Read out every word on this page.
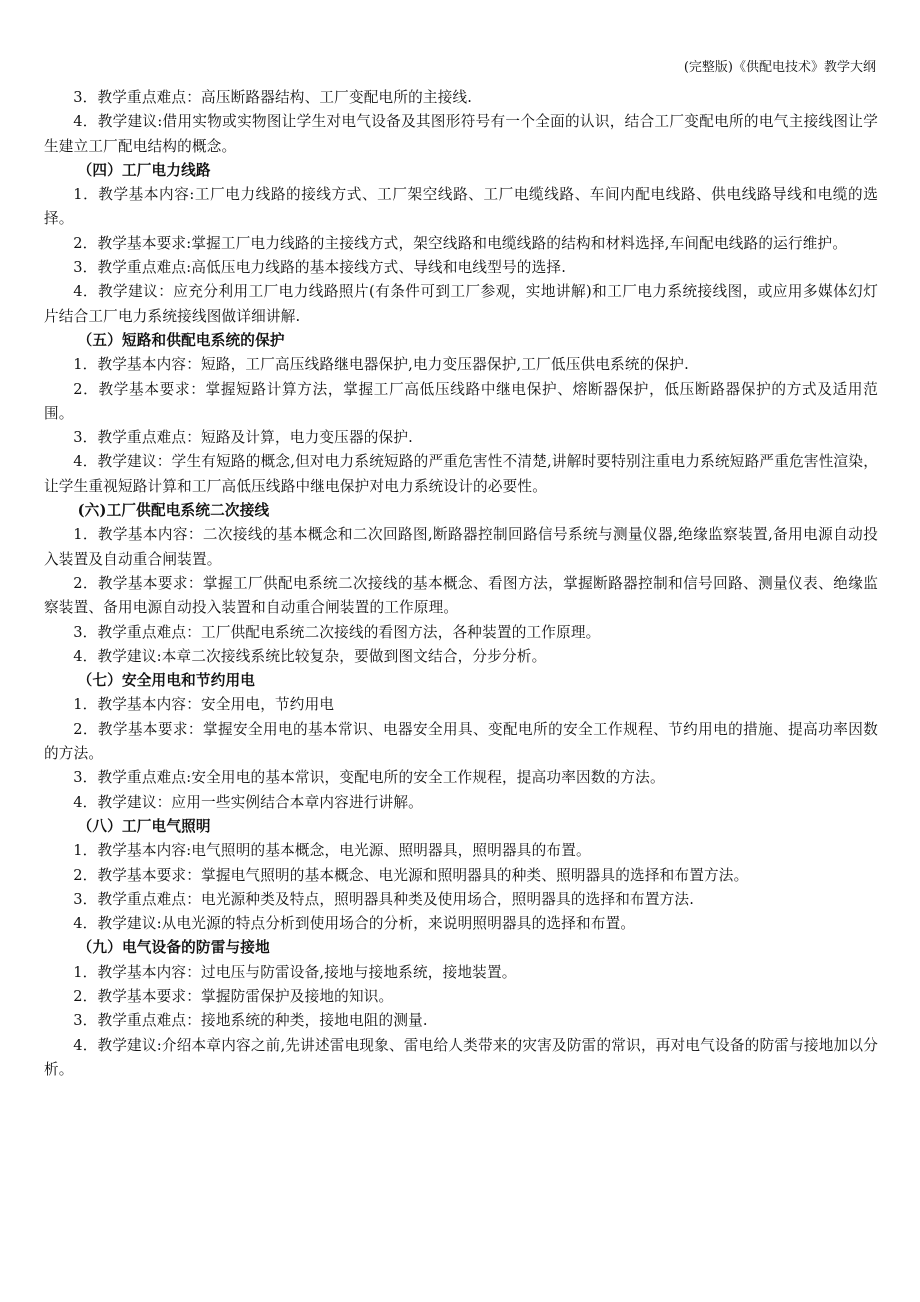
(完整版)《供配电技术》教学大纲

3．教学重点难点：高压断路器结构、工厂变配电所的主接线.

4．教学建议:借用实物或实物图让学生对电气设备及其图形符号有一个全面的认识，结合工厂变配电所的电气主接线图让学生建立工厂配电结构的概念。

（四）工厂电力线路

1．教学基本内容:工厂电力线路的接线方式、工厂架空线路、工厂电缆线路、车间内配电线路、供电线路导线和电缆的选择。

2．教学基本要求:掌握工厂电力线路的主接线方式，架空线路和电缆线路的结构和材料选择,车间配电线路的运行维护。

3．教学重点难点:高低压电力线路的基本接线方式、导线和电线型号的选择.

4．教学建议：应充分利用工厂电力线路照片(有条件可到工厂参观，实地讲解)和工厂电力系统接线图，或应用多媒体幻灯片结合工厂电力系统接线图做详细讲解.

（五）短路和供配电系统的保护

1．教学基本内容：短路，工厂高压线路继电器保护,电力变压器保护,工厂低压供电系统的保护.

2．教学基本要求：掌握短路计算方法，掌握工厂高低压线路中继电保护、熔断器保护，低压断路器保护的方式及适用范围。

3．教学重点难点：短路及计算，电力变压器的保护.

4．教学建议：学生有短路的概念,但对电力系统短路的严重危害性不清楚,讲解时要特别注重电力系统短路严重危害性渲染，让学生重视短路计算和工厂高低压线路中继电保护对电力系统设计的必要性。

(六)工厂供配电系统二次接线

1．教学基本内容：二次接线的基本概念和二次回路图,断路器控制回路信号系统与测量仪器,绝缘监察装置,备用电源自动投入装置及自动重合闸装置。

2．教学基本要求：掌握工厂供配电系统二次接线的基本概念、看图方法，掌握断路器控制和信号回路、测量仪表、绝缘监察装置、备用电源自动投入装置和自动重合闸装置的工作原理。

3．教学重点难点：工厂供配电系统二次接线的看图方法，各种装置的工作原理。

4．教学建议:本章二次接线系统比较复杂，要做到图文结合，分步分析。

（七）安全用电和节约用电

1．教学基本内容：安全用电，节约用电

2．教学基本要求：掌握安全用电的基本常识、电器安全用具、变配电所的安全工作规程、节约用电的措施、提高功率因数的方法。

3．教学重点难点:安全用电的基本常识，变配电所的安全工作规程，提高功率因数的方法。

4．教学建议：应用一些实例结合本章内容进行讲解。

（八）工厂电气照明

1．教学基本内容:电气照明的基本概念，电光源、照明器具，照明器具的布置。

2．教学基本要求：掌握电气照明的基本概念、电光源和照明器具的种类、照明器具的选择和布置方法。

3．教学重点难点：电光源种类及特点，照明器具种类及使用场合，照明器具的选择和布置方法.

4．教学建议:从电光源的特点分析到使用场合的分析，来说明照明器具的选择和布置。

（九）电气设备的防雷与接地

1．教学基本内容：过电压与防雷设备,接地与接地系统，接地装置。

2．教学基本要求：掌握防雷保护及接地的知识。

3．教学重点难点：接地系统的种类，接地电阻的测量.

4．教学建议:介绍本章内容之前,先讲述雷电现象、雷电给人类带来的灾害及防雷的常识，再对电气设备的防雷与接地加以分析。
